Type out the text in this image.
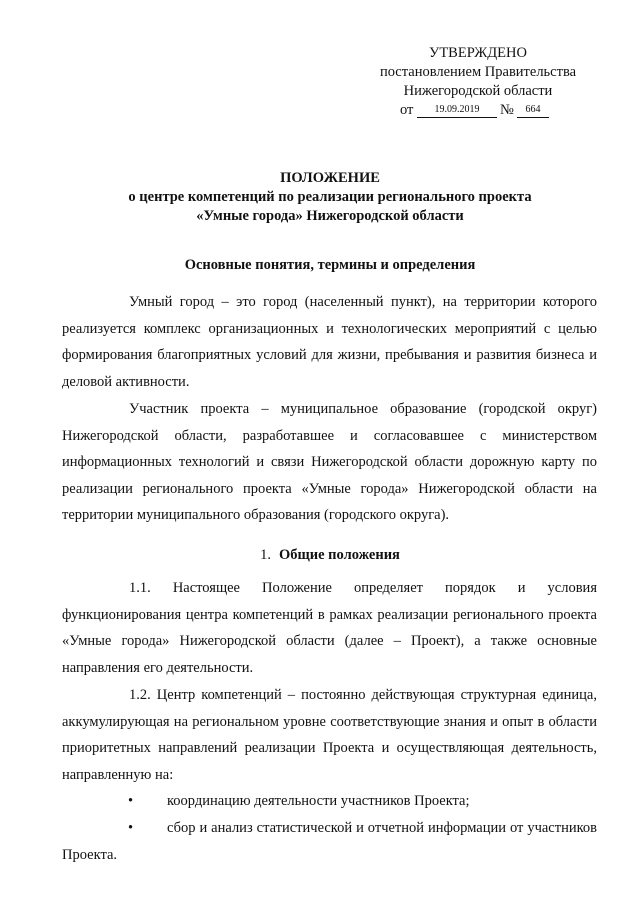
УТВЕРЖДЕНО
постановлением Правительства
Нижегородской области
от	19.09.2019	№	664
ПОЛОЖЕНИЕ
о центре компетенций по реализации регионального проекта
«Умные города» Нижегородской области
Основные понятия, термины и определения

Умный город – это город (населенный пункт), на территории которого реализуется комплекс организационных и технологических мероприятий с целью формирования благоприятных условий для жизни, пребывания и развития бизнеса и деловой активности.

Участник проекта – муниципальное образование (городской округ) Нижегородской области, разработавшее и согласовавшее с министерством информационных технологий и связи Нижегородской области дорожную карту по реализации регионального проекта «Умные города» Нижегородской области на территории муниципального образования (городского округа).

1. Общие положения

1.1. Настоящее Положение определяет порядок и условия функционирования центра компетенций в рамках реализации регионального проекта «Умные города» Нижегородской области (далее – Проект), а также основные направления его деятельности.

1.2. Центр компетенций – постоянно действующая структурная единица, аккумулирующая на региональном уровне соответствующие знания и опыт в области приоритетных направлений реализации Проекта и осуществляющая деятельность, направленную на:

•	координацию деятельности участников Проекта;
•	сбор и анализ статистической и отчетной информации от участников Проекта.
